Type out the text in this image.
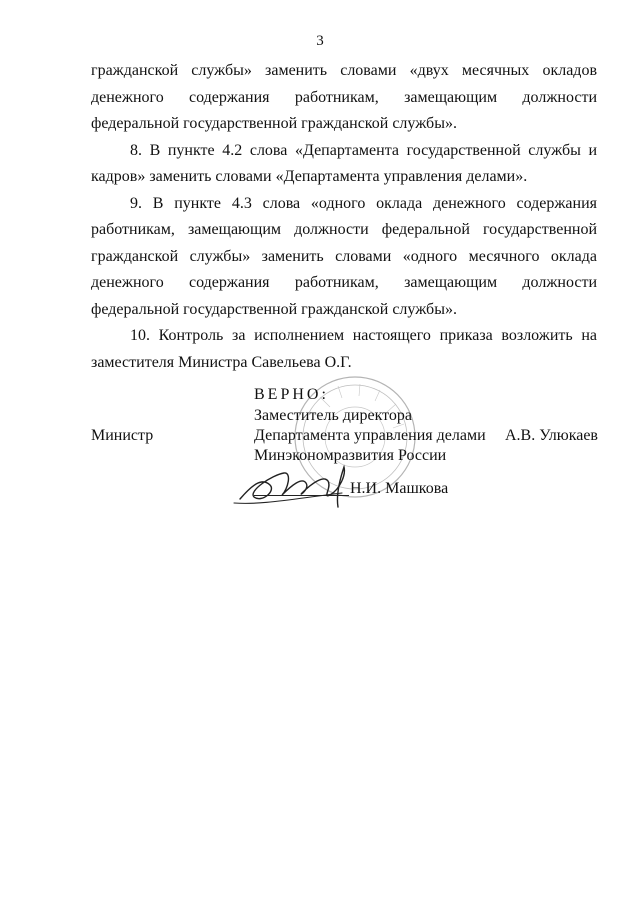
3

гражданской службы» заменить словами «двух месячных окладов денежного содержания работникам, замещающим должности федеральной государственной гражданской службы».

8. В пункте 4.2 слова «Департамента государственной службы и кадров» заменить словами «Департамента управления делами».

9. В пункте 4.3 слова «одного оклада денежного содержания работникам, замещающим должности федеральной государственной гражданской службы» заменить словами «одного месячного оклада денежного содержания работникам, замещающим должности федеральной государственной гражданской службы».

10. Контроль за исполнением настоящего приказа возложить на заместителя Министра Савельева О.Г.

ВЕРНО:
Заместитель директора
Департамента управления делами
Минэкономразвития России
Министр	А.В. Улюкаев
Н.И. Машкова
